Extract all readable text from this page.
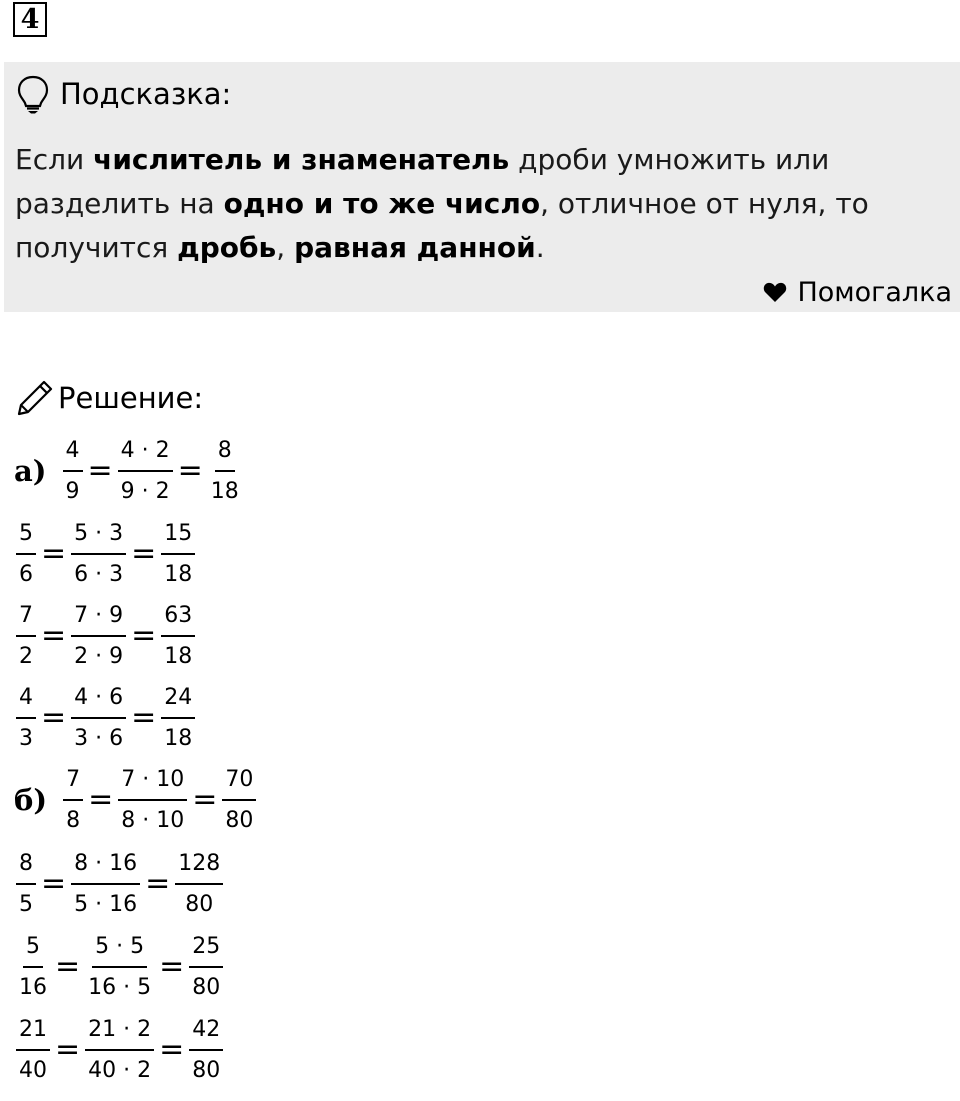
4
Подсказка:
Если числитель и знаменатель дроби умножить или
разделить на одно и то же число, отличное от нуля, то
получится дробь, равная данной.
Помогалка
Решение:
$а) \frac{4}{9} = \frac{4 \cdot 2}{9 \cdot 2} = \frac{8}{18}$
$\frac{5}{6} = \frac{5 \cdot 3}{6 \cdot 3} = \frac{15}{18}$
$\frac{7}{2} = \frac{7 \cdot 9}{2 \cdot 9} = \frac{63}{18}$
$\frac{4}{3} = \frac{4 \cdot 6}{3 \cdot 6} = \frac{24}{18}$
$б) \frac{7}{8} = \frac{7 \cdot 10}{8 \cdot 10} = \frac{70}{80}$
$\frac{8}{5} = \frac{8 \cdot 16}{5 \cdot 16} = \frac{128}{80}$
$\frac{5}{16} = \frac{5 \cdot 5}{16 \cdot 5} = \frac{25}{80}$
$\frac{21}{40} = \frac{21 \cdot 2}{40 \cdot 2} = \frac{42}{80}$
